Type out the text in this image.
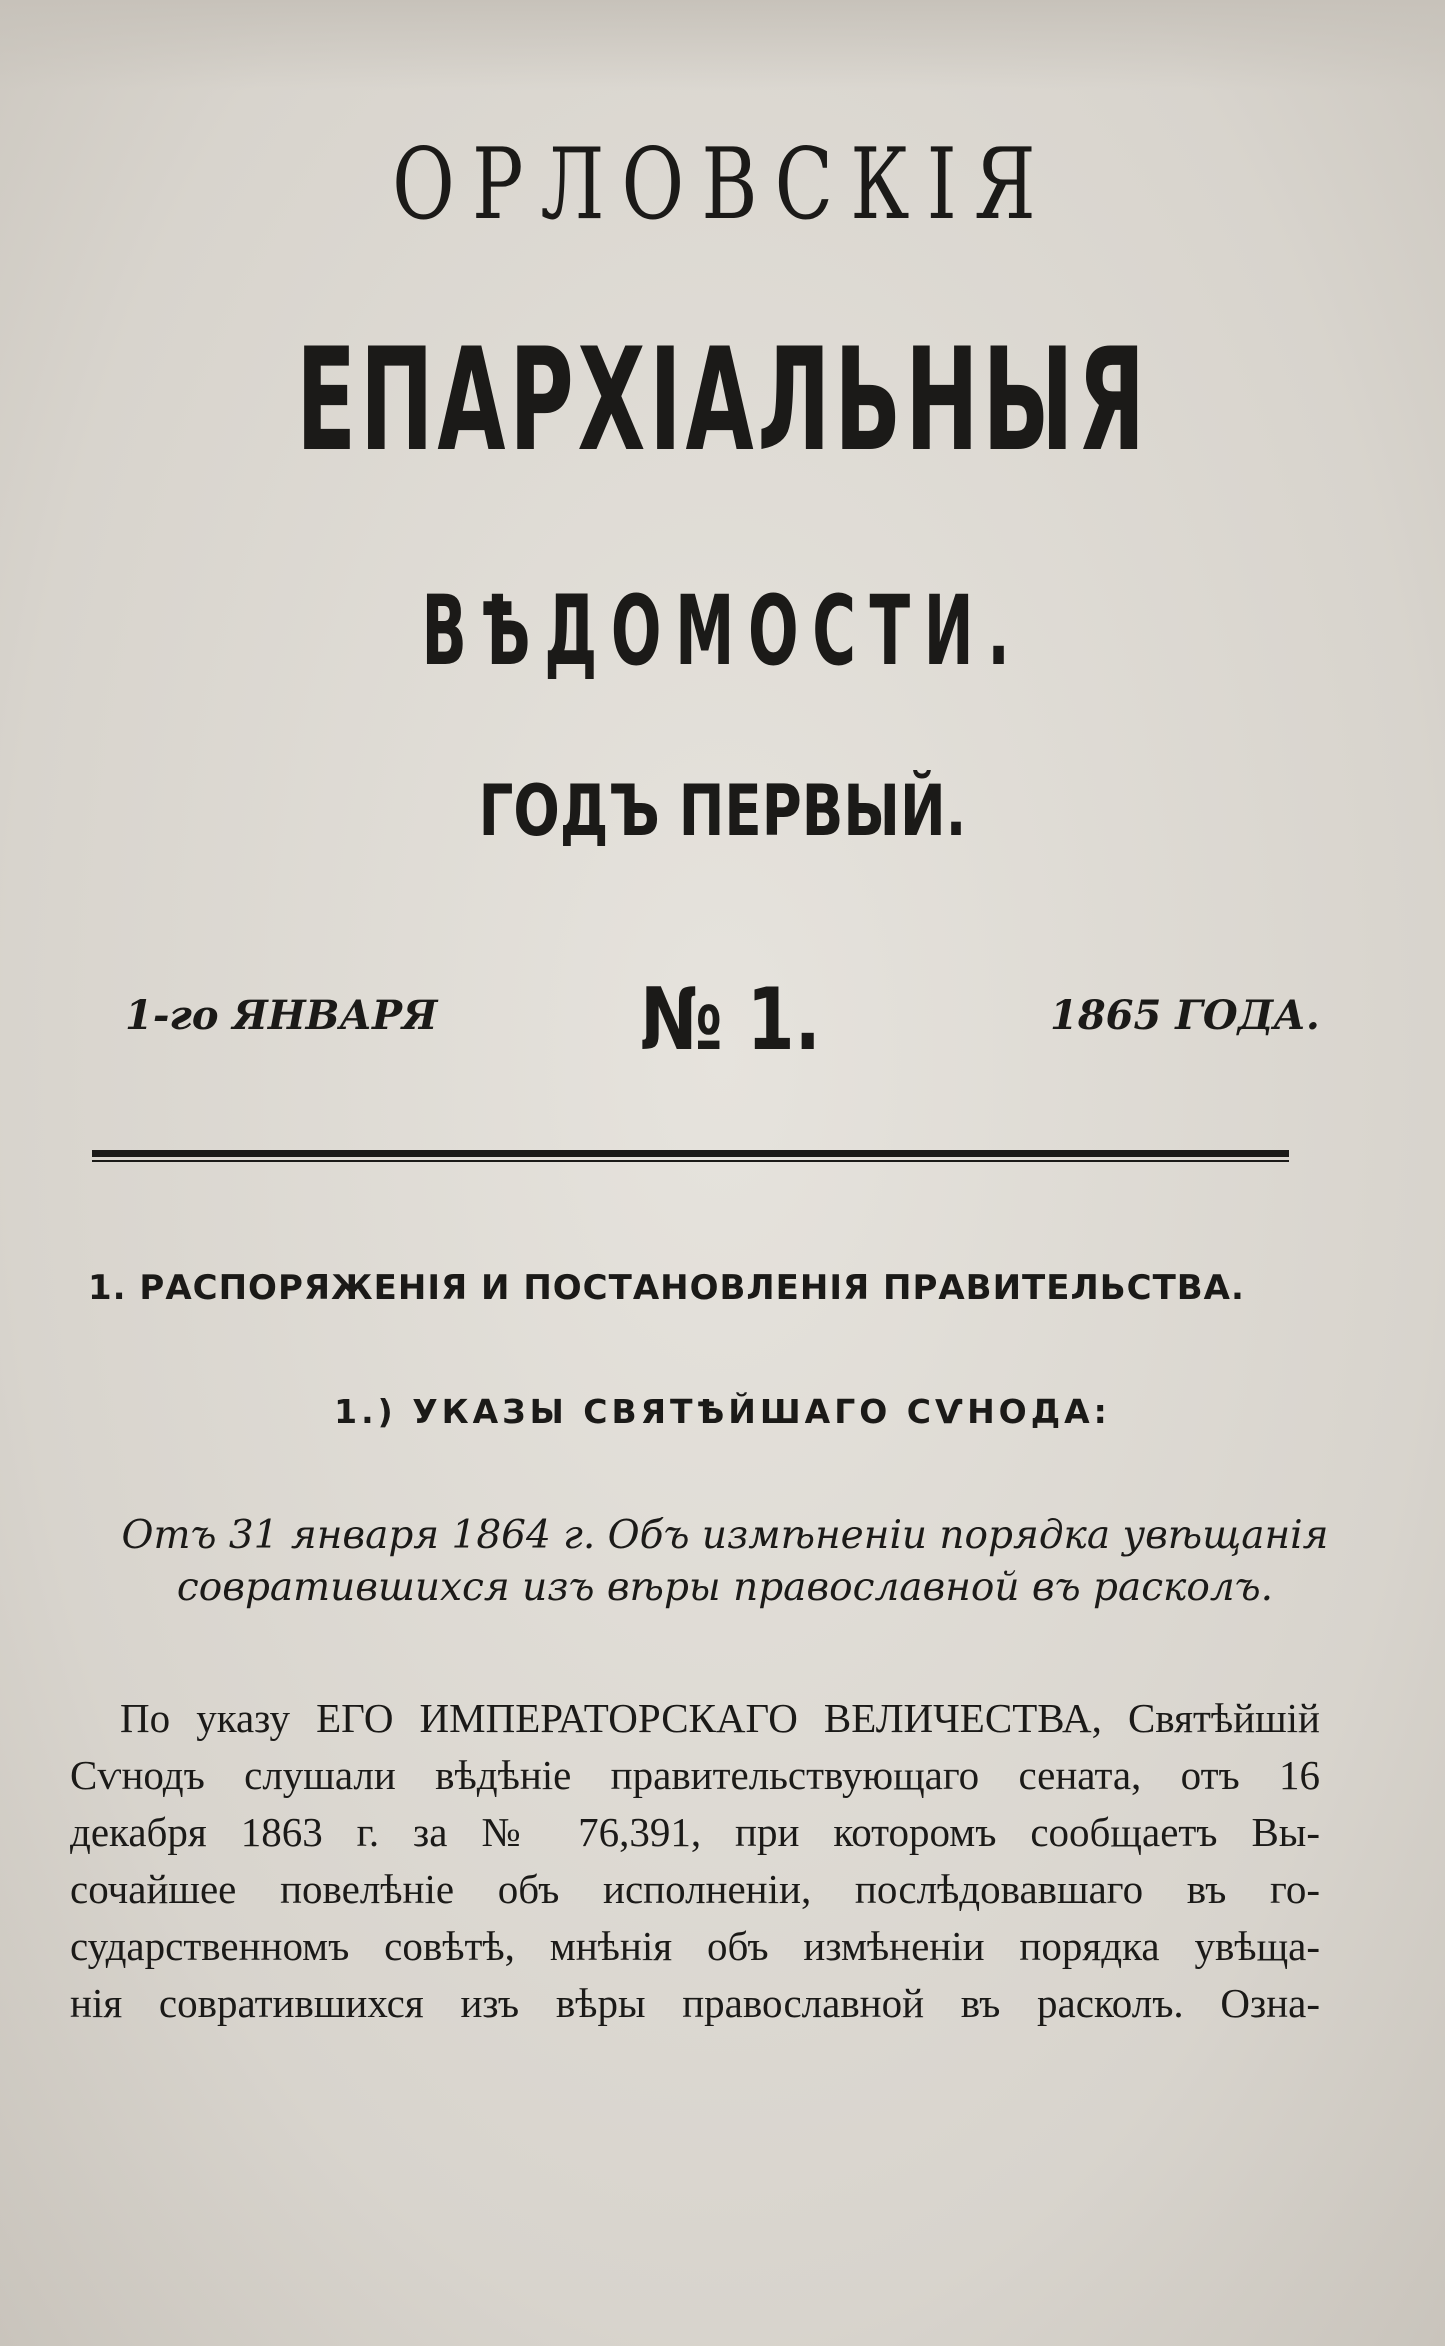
ОРЛОВСКІЯ
ЕПАРХІАЛЬНЫЯ
ВѢДОМОСТИ.
ГОДЪ ПЕРВЫЙ.
1-го ЯНВАРЯ № 1.	1865 ГОДА.
1. РАСПОРЯЖЕНІЯ И ПОСТАНОВЛЕНІЯ ПРАВИТЕЛЬСТВА.
1.) УКАЗЫ СВЯТѢЙШАГО СѴНОДА:
Отъ 31 января 1864 г. Объ измѣненіи порядка увѣщанія
совратившихся изъ вѣры православной въ расколъ.
По указу ЕГО ИМПЕРАТОРСКАГО ВЕЛИЧЕСТВА, Святѣйшій
Сѵнодъ слушали вѣдѣніе правительствующаго сената, отъ 16
декабря 1863 г. за № 76,391, при которомъ сообщаетъ Вы-
сочайшее повелѣніе объ исполненіи, послѣдовавшаго въ го-
сударственномъ совѣтѣ, мнѣнія объ измѣненіи порядка увѣща-
нія совратившихся изъ вѣры православной въ расколъ. Озна-
